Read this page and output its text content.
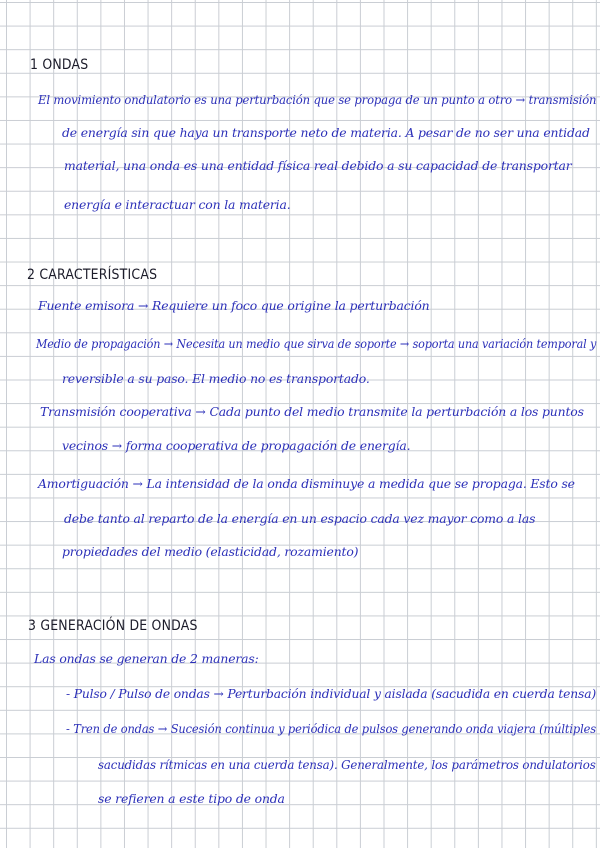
1 ONDAS
El movimiento ondulatorio es una perturbación que se propaga de un punto a otro → transmisión
de energía sin que haya un transporte neto de materia. A pesar de no ser una entidad
material, una onda es una entidad física real debido a su capacidad de transportar
energía e interactuar con la materia.
2 CARACTERÍSTICAS
Fuente emisora → Requiere un foco que origine la perturbación
Medio de propagación → Necesita un medio que sirva de soporte → soporta una variación temporal y
reversible a su paso. El medio no es transportado.
Transmisión cooperativa → Cada punto del medio transmite la perturbación a los puntos
vecinos → forma cooperativa de propagación de energía.
Amortiguación → La intensidad de la onda disminuye a medida que se propaga. Esto se
debe tanto al reparto de la energía en un espacio cada vez mayor como a las
propiedades del medio (elasticidad, rozamiento)
3 GENERACIÓN DE ONDAS
Las ondas se generan de 2 maneras:
- Pulso / Pulso de ondas → Perturbación individual y aislada (sacudida en cuerda tensa)
- Tren de ondas → Sucesión continua y periódica de pulsos generando onda viajera (múltiples
sacudidas rítmicas en una cuerda tensa). Generalmente, los parámetros ondulatorios
se refieren a este tipo de onda
